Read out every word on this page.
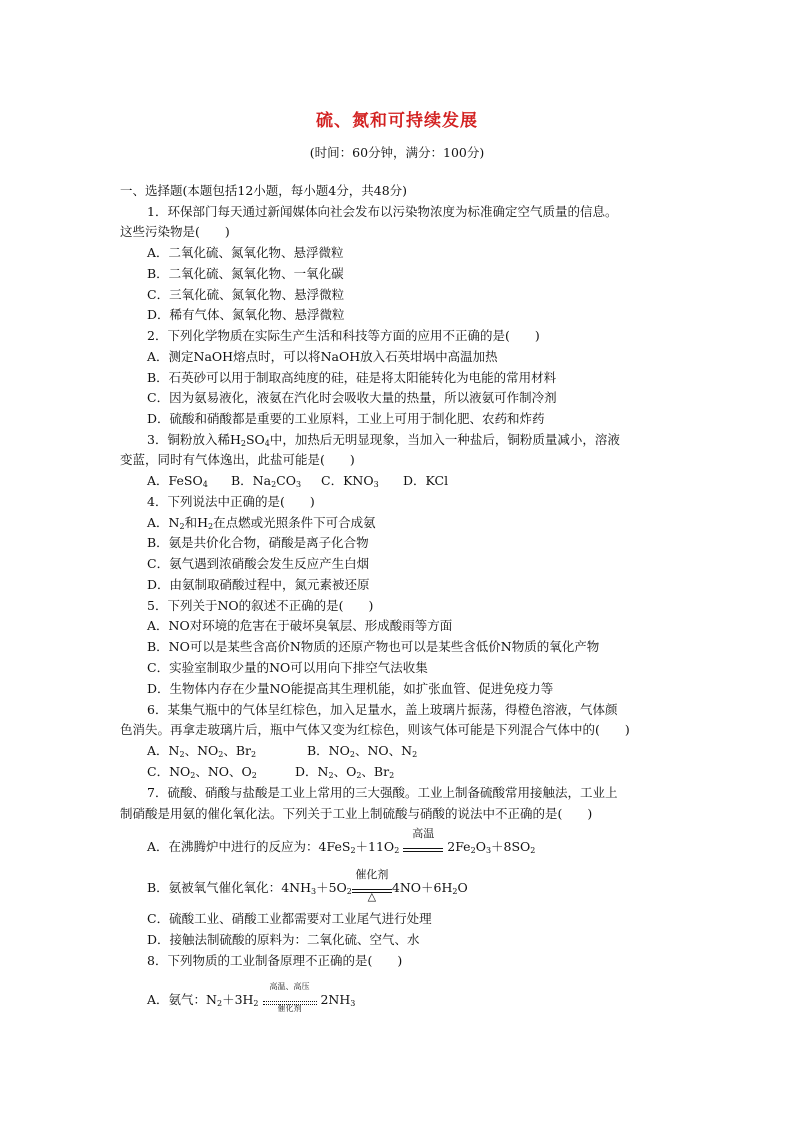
硫、氮和可持续发展
(时间：60分钟，满分：100分)
一、选择题(本题包括12小题，每小题4分，共48分)
1．环保部门每天通过新闻媒体向社会发布以污染物浓度为标准确定空气质量的信息。
这些污染物是(　　)
A．二氧化硫、氮氧化物、悬浮微粒
B．二氧化硫、氮氧化物、一氧化碳
C．三氧化硫、氮氧化物、悬浮微粒
D．稀有气体、氮氧化物、悬浮微粒
2．下列化学物质在实际生产生活和科技等方面的应用不正确的是(　　)
A．测定NaOH熔点时，可以将NaOH放入石英坩埚中高温加热
B．石英砂可以用于制取高纯度的硅，硅是将太阳能转化为电能的常用材料
C．因为氨易液化，液氨在汽化时会吸收大量的热量，所以液氨可作制冷剂
D．硫酸和硝酸都是重要的工业原料，工业上可用于制化肥、农药和炸药
3．铜粉放入稀$H_2SO_4$中，加热后无明显现象，当加入一种盐后，铜粉质量减小，溶液
变蓝，同时有气体逸出，此盐可能是(　　)
A．FeSO$_4$ B．$Na_2CO_3$ C．$KNO_3$ D．KCl
4．下列说法中正确的是(　　)
A．$N_2$和$H_2$在点燃或光照条件下可合成氨
B．氨是共价化合物，硝酸是离子化合物
C．氨气遇到浓硝酸会发生反应产生白烟
D．由氨制取硝酸过程中，氮元素被还原
5．下列关于NO的叙述不正确的是(　　)
A．NO对环境的危害在于破坏臭氧层、形成酸雨等方面
B．NO可以是某些含高价N物质的还原产物也可以是某些含低价N物质的氧化产物
C．实验室制取少量的NO可以用向下排空气法收集
D．生物体内存在少量NO能提高其生理机能，如扩张血管、促进免疫力等
6．某集气瓶中的气体呈红棕色，加入足量水，盖上玻璃片振荡，得橙色溶液，气体颜
色消失。再拿走玻璃片后，瓶中气体又变为红棕色，则该气体可能是下列混合气体中的(　　)
A．$N_2$、$NO_2$、$Br_2$	B．$NO_2$、NO、$N_2$
C．$NO_2$、NO、$O_2$	D．$N_2$、$O_2$、$Br_2$
7．硫酸、硝酸与盐酸是工业上常用的三大强酸。工业上制备硫酸常用接触法，工业上
制硝酸是用氨的催化氧化法。下列关于工业上制硫酸与硝酸的说法中不正确的是(　　)
A．在沸腾炉中进行的反应为：$4FeS_2+11O_2$
高温
$2Fe_2O_3+8SO_2$
B．氨被氧气催化氧化：$4NH_3+5O_2$
催化剂
△
$4NO+6H_2O$
C．硫酸工业、硝酸工业都需要对工业尾气进行处理
D．接触法制硫酸的原料为：二氧化硫、空气、水
8．下列物质的工业制备原理不正确的是(　　)
A．氨气：$N_2+3H_2$
高温、高压
催化剂
$2NH_3$
